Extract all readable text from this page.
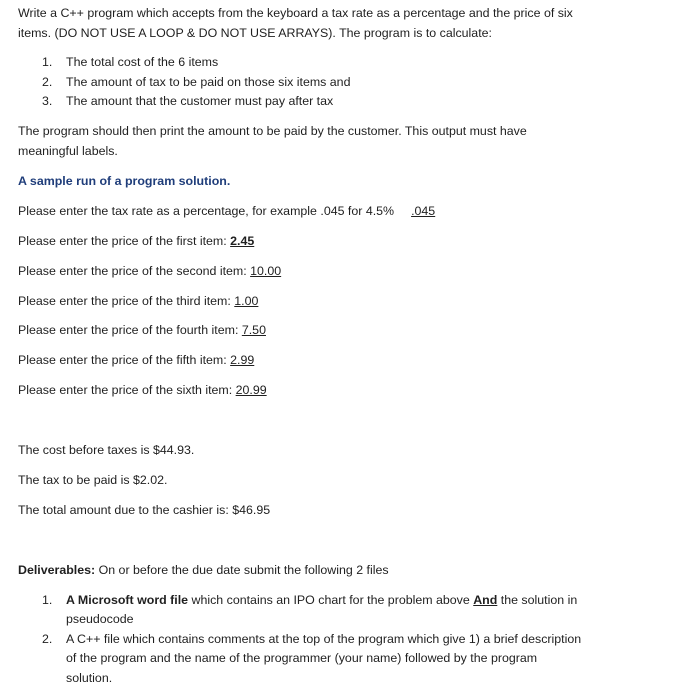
Write a C++ program which accepts from the keyboard a tax rate as a percentage and the price of six
items. (DO NOT USE A LOOP & DO NOT USE ARRAYS). The program is to calculate:
1. The total cost of the 6 items
2. The amount of tax to be paid on those six items and
3. The amount that the customer must pay after tax
The program should then print the amount to be paid by the customer. This output must have
meaningful labels.
A sample run of a program solution.
Please enter the tax rate as a percentage, for example .045 for 4.5% .045
Please enter the price of the first item: 2.45
Please enter the price of the second item: 10.00
Please enter the price of the third item: 1.00
Please enter the price of the fourth item: 7.50
Please enter the price of the fifth item: 2.99
Please enter the price of the sixth item: 20.99
The cost before taxes is $44.93.
The tax to be paid is $2.02.
The total amount due to the cashier is: $46.95
Deliverables: On or before the due date submit the following 2 files
1. A Microsoft word file which contains an IPO chart for the problem above And the solution in
pseudocode
2. A C++ file which contains comments at the top of the program which give 1) a brief description
of the program and the name of the programmer (your name) followed by the program
solution.
